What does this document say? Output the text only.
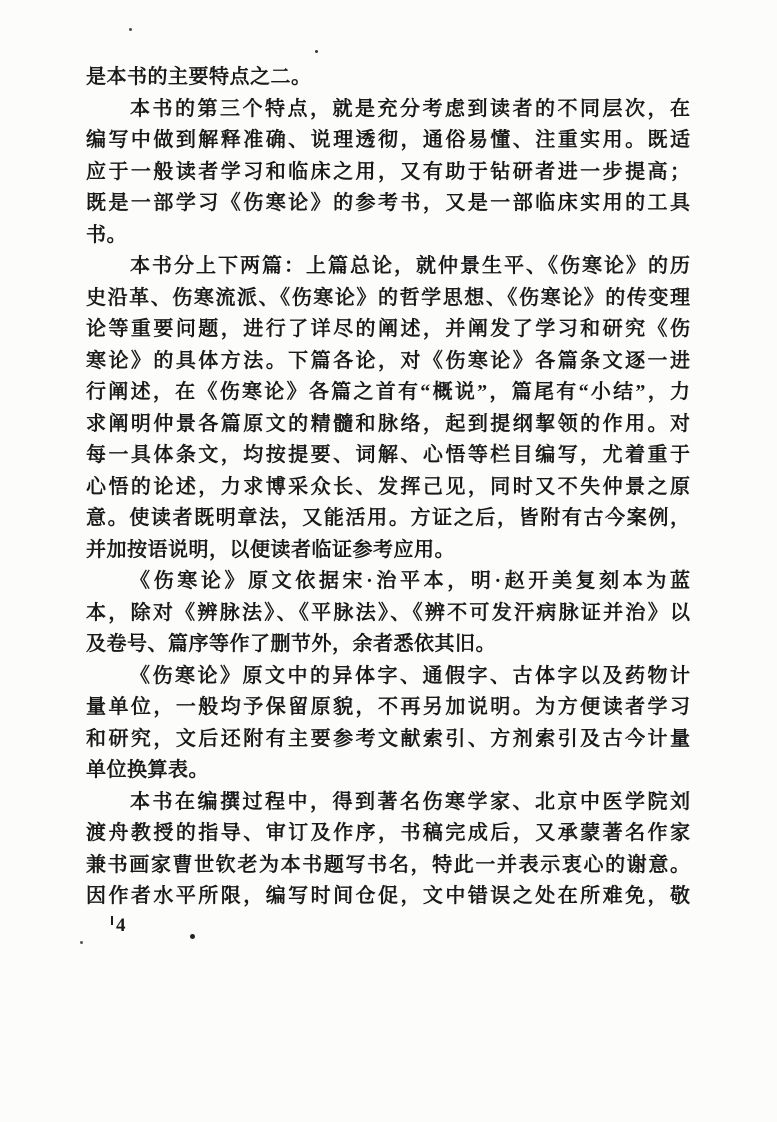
是本书的主要特点之二。
本书的第三个特点，就是充分考虑到读者的不同层次，在
编写中做到解释准确、说理透彻，通俗易懂、注重实用。既适
应于一般读者学习和临床之用，又有助于钻研者进一步提高；
既是一部学习《伤寒论》的参考书，又是一部临床实用的工具
书。
本书分上下两篇：上篇总论，就仲景生平、《伤寒论》的历
史沿革、伤寒流派、《伤寒论》的哲学思想、《伤寒论》的传变理
论等重要问题，进行了详尽的阐述，并阐发了学习和研究《伤
寒论》的具体方法。下篇各论，对《伤寒论》各篇条文逐一进
行阐述，在《伤寒论》各篇之首有“概说”，篇尾有“小结”，力
求阐明仲景各篇原文的精髓和脉络，起到提纲挈领的作用。对
每一具体条文，均按提要、词解、心悟等栏目编写，尤着重于
心悟的论述，力求博采众长、发挥己见，同时又不失仲景之原
意。使读者既明章法，又能活用。方证之后，皆附有古今案例，
并加按语说明，以便读者临证参考应用。
《伤寒论》原文依据宋·治平本，明·赵开美复刻本为蓝
本，除对《辨脉法》、《平脉法》、《辨不可发汗病脉证并治》以
及卷号、篇序等作了删节外，余者悉依其旧。
《伤寒论》原文中的异体字、通假字、古体字以及药物计
量单位，一般均予保留原貌，不再另加说明。为方便读者学习
和研究，文后还附有主要参考文献索引、方剂索引及古今计量
单位换算表。
本书在编撰过程中，得到著名伤寒学家、北京中医学院刘
渡舟教授的指导、审订及作序，书稿完成后，又承蒙著名作家
兼书画家曹世钦老为本书题写书名，特此一并表示衷心的谢意。
因作者水平所限，编写时间仓促，文中错误之处在所难免，敬
4
